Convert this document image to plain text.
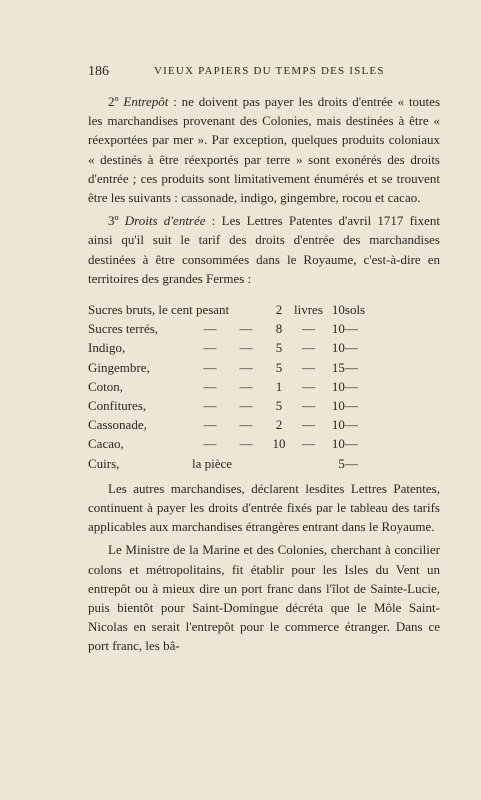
186	VIEUX PAPIERS DU TEMPS DES ISLES

2º Entrepôt : ne doivent pas payer les droits d'entrée « toutes les marchandises provenant des Colonies, mais destinées à être « réexportées par mer ». Par exception, quelques produits coloniaux « destinés à être réexportés par terre » sont exonérés des droits d'entrée ; ces produits sont limitativement énumérés et se trouvent être les suivants : cassonade, indigo, gingembre, rocou et cacao.

3º Droits d'entrée : Les Lettres Patentes d'avril 1717 fixent ainsi qu'il suit le tarif des droits d'entrée des marchandises destinées à être consommées dans le Royaume, c'est-à-dire en territoires des grandes Fermes :

Sucres bruts, le cent pesant			2	livres	10	sols
Sucres terrés,	—	—	8	—	10	—
Indigo,	—	—	5	—	10	—
Gingembre,	—	—	5	—	15	—
Coton,	—	—	1	—	10	—
Confitures,	—	—	5	—	10	—
Cassonade,	—	—	2	—	10	—
Cacao,	—	—	10	—	10	—
Cuirs,	la pièce				5	—

Les autres marchandises, déclarent lesdites Lettres Patentes, continuent à payer les droits d'entrée fixés par le tableau des tarifs applicables aux marchandises étrangères entrant dans le Royaume.

Le Ministre de la Marine et des Colonies, cherchant à concilier colons et métropolitains, fit établir pour les Isles du Vent un entrepôt ou à mieux dire un port franc dans l'îlot de Sainte-Lucie, puis bientôt pour Saint-Domingue décréta que le Môle Saint-Nicolas en serait l'entrepôt pour le commerce étranger. Dans ce port franc, les bâ-
